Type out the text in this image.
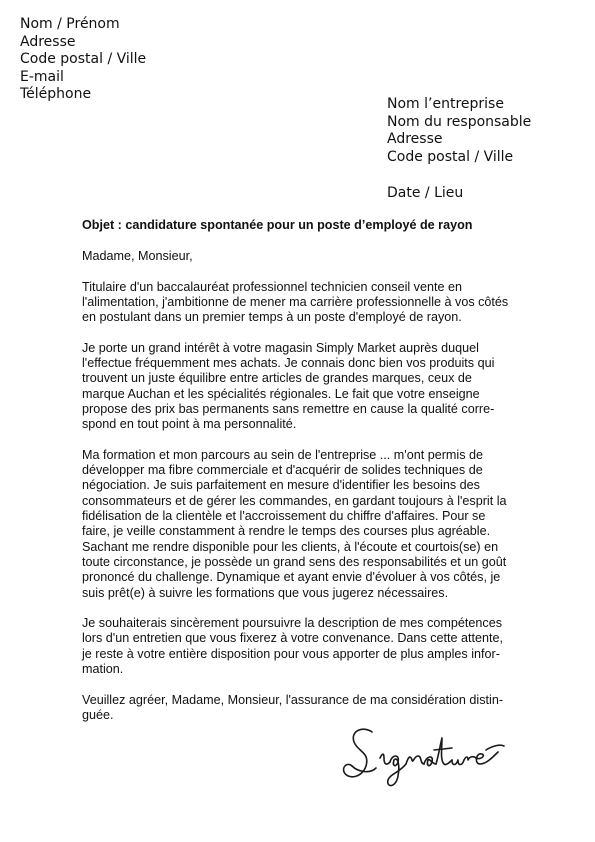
Nom / Prénom
Adresse
Code postal / Ville
E-mail
Téléphone
Nom l’entreprise
Nom du responsable
Adresse
Code postal / Ville
Date / Lieu
Objet : candidature spontanée pour un poste d’employé de rayon
Madame, Monsieur,
Titulaire d'un baccalauréat professionnel technicien conseil vente en
l'alimentation, j'ambitionne de mener ma carrière professionnelle à vos côtés
en postulant dans un premier temps à un poste d'employé de rayon.
Je porte un grand intérêt à votre magasin Simply Market auprès duquel
l'effectue fréquemment mes achats. Je connais donc bien vos produits qui
trouvent un juste équilibre entre articles de grandes marques, ceux de
marque Auchan et les spécialités régionales. Le fait que votre enseigne
propose des prix bas permanents sans remettre en cause la qualité corre-
spond en tout point à ma personnalité.
Ma formation et mon parcours au sein de l'entreprise ... m'ont permis de
développer ma fibre commerciale et d'acquérir de solides techniques de
négociation. Je suis parfaitement en mesure d'identifier les besoins des
consommateurs et de gérer les commandes, en gardant toujours à l'esprit la
fidélisation de la clientèle et l'accroissement du chiffre d'affaires. Pour se
faire, je veille constamment à rendre le temps des courses plus agréable.
Sachant me rendre disponible pour les clients, à l'écoute et courtois(se) en
toute circonstance, je possède un grand sens des responsabilités et un goût
prononcé du challenge. Dynamique et ayant envie d'évoluer à vos côtés, je
suis prêt(e) à suivre les formations que vous jugerez nécessaires.
Je souhaiterais sincèrement poursuivre la description de mes compétences
lors d'un entretien que vous fixerez à votre convenance. Dans cette attente,
je reste à votre entière disposition pour vous apporter de plus amples infor-
mation.
Veuillez agréer, Madame, Monsieur, l'assurance de ma considération distin-
guée.
